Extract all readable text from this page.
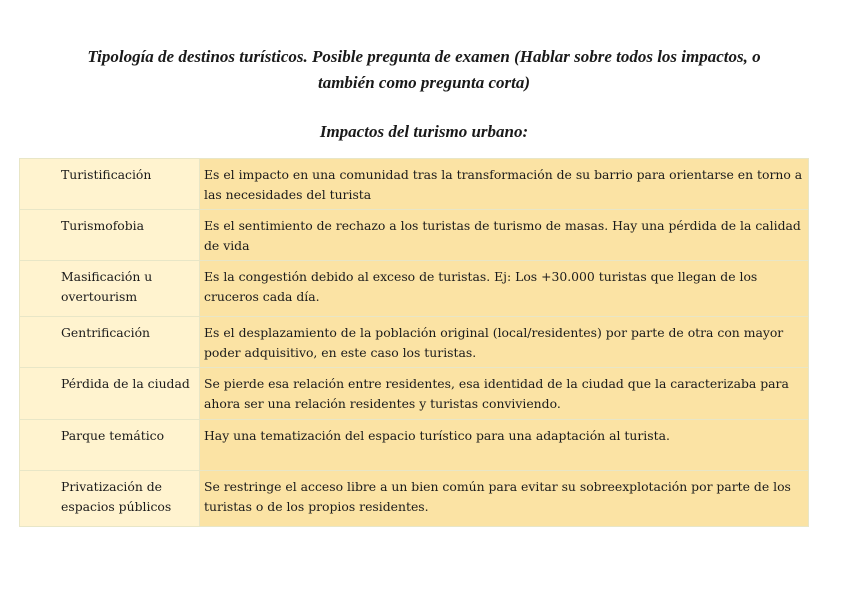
Tipología de destinos turísticos. Posible pregunta de examen (Hablar sobre todos los impactos, o también como pregunta corta)
Impactos del turismo urbano:
Turistificación	Es el impacto en una comunidad tras la transformación de su barrio para orientarse en torno a las necesidades del turista
Turismofobia	Es el sentimiento de rechazo a los turistas de turismo de masas. Hay una pérdida de la calidad de vida
Masificación u overtourism	Es la congestión debido al exceso de turistas. Ej: Los +30.000 turistas que llegan de los cruceros cada día.
Gentrificación	Es el desplazamiento de la población original (local/residentes) por parte de otra con mayor poder adquisitivo, en este caso los turistas.
Pérdida de la ciudad	Se pierde esa relación entre residentes, esa identidad de la ciudad que la caracterizaba para ahora ser una relación residentes y turistas conviviendo.
Parque temático	Hay una tematización del espacio turístico para una adaptación al turista.
Privatización de espacios públicos	Se restringe el acceso libre a un bien común para evitar su sobreexplotación por parte de los turistas o de los propios residentes.
